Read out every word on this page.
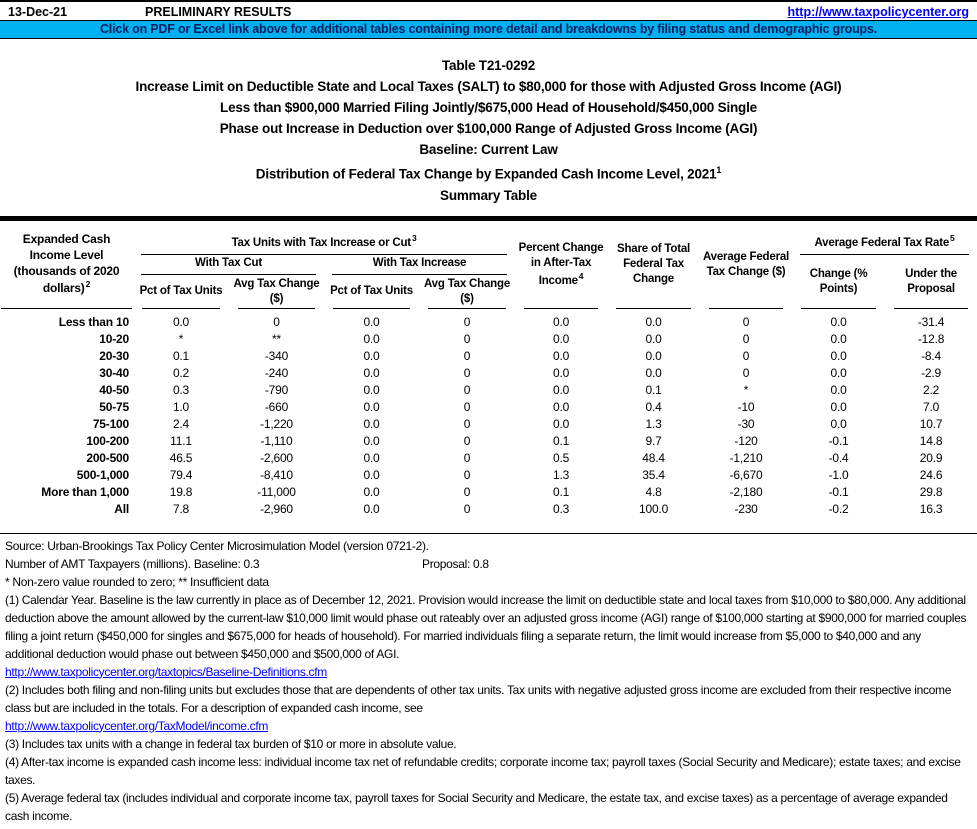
13-Dec-21	PRELIMINARY RESULTS	http://www.taxpolicycenter.org
Click on PDF or Excel link above for additional tables containing more detail and breakdowns by filing status and demographic groups.
Table T21-0292
Increase Limit on Deductible State and Local Taxes (SALT) to $80,000 for those with Adjusted Gross Income (AGI)
Less than $900,000 Married Filing Jointly/$675,000 Head of Household/$450,000 Single
Phase out Increase in Deduction over $100,000 Range of Adjusted Gross Income (AGI)
Baseline: Current Law
Distribution of Federal Tax Change by Expanded Cash Income Level, 2021$^1$
Summary Table
Expanded Cash Income Level (thousands of 2020 dollars)$^2$	Tax Units with Tax Increase or Cut$^3$				Percent Change in After-Tax Income$^4$	Share of Total Federal Tax Change	Average Federal Tax Change ($)	Average Federal Tax Rate$^5$

	With Tax Cut		With Tax Increase					Change (% Points)	Under the Proposal
	Pct of Tax Units	Avg Tax Change ($)	Pct of Tax Units	Avg Tax Change ($)					
Less than 10	0.0	0	0.0	0	0.0	0.0	0	0.0	-31.4
10-20	*	**	0.0	0	0.0	0.0	0	0.0	-12.8
20-30	0.1	-340	0.0	0	0.0	0.0	0	0.0	-8.4
30-40	0.2	-240	0.0	0	0.0	0.0	0	0.0	-2.9
40-50	0.3	-790	0.0	0	0.0	0.1	*	0.0	2.2
50-75	1.0	-660	0.0	0	0.0	0.4	-10	0.0	7.0
75-100	2.4	-1,220	0.0	0	0.0	1.3	-30	0.0	10.7
100-200	11.1	-1,110	0.0	0	0.1	9.7	-120	-0.1	14.8
200-500	46.5	-2,600	0.0	0	0.5	48.4	-1,210	-0.4	20.9
500-1,000	79.4	-8,410	0.0	0	1.3	35.4	-6,670	-1.0	24.6
More than 1,000	19.8	-11,000	0.0	0	0.1	4.8	-2,180	-0.1	29.8
All	7.8	-2,960	0.0	0	0.3	100.0	-230	-0.2	16.3
Source: Urban-Brookings Tax Policy Center Microsimulation Model (version 0721-2).
Number of AMT Taxpayers (millions). Baseline: 0.3	Proposal: 0.8
* Non-zero value rounded to zero; ** Insufficient data
(1) Calendar Year. Baseline is the law currently in place as of December 12, 2021. Provision would increase the limit on deductible state and local taxes from $10,000 to $80,000. Any additional deduction above the amount allowed by the current-law $10,000 limit would phase out rateably over an adjusted gross income (AGI) range of $100,000 starting at $900,000 for married couples filing a joint return ($450,000 for singles and $675,000 for heads of household). For married individuals filing a separate return, the limit would increase from $5,000 to $40,000 and any additional deduction would phase out between $450,000 and $500,000 of AGI.
http://www.taxpolicycenter.org/taxtopics/Baseline-Definitions.cfm
(2) Includes both filing and non-filing units but excludes those that are dependents of other tax units. Tax units with negative adjusted gross income are excluded from their respective income class but are included in the totals. For a description of expanded cash income, see
http://www.taxpolicycenter.org/TaxModel/income.cfm
(3) Includes tax units with a change in federal tax burden of $10 or more in absolute value.
(4) After-tax income is expanded cash income less: individual income tax net of refundable credits; corporate income tax; payroll taxes (Social Security and Medicare); estate taxes; and excise taxes.
(5) Average federal tax (includes individual and corporate income tax, payroll taxes for Social Security and Medicare, the estate tax, and excise taxes) as a percentage of average expanded cash income.
